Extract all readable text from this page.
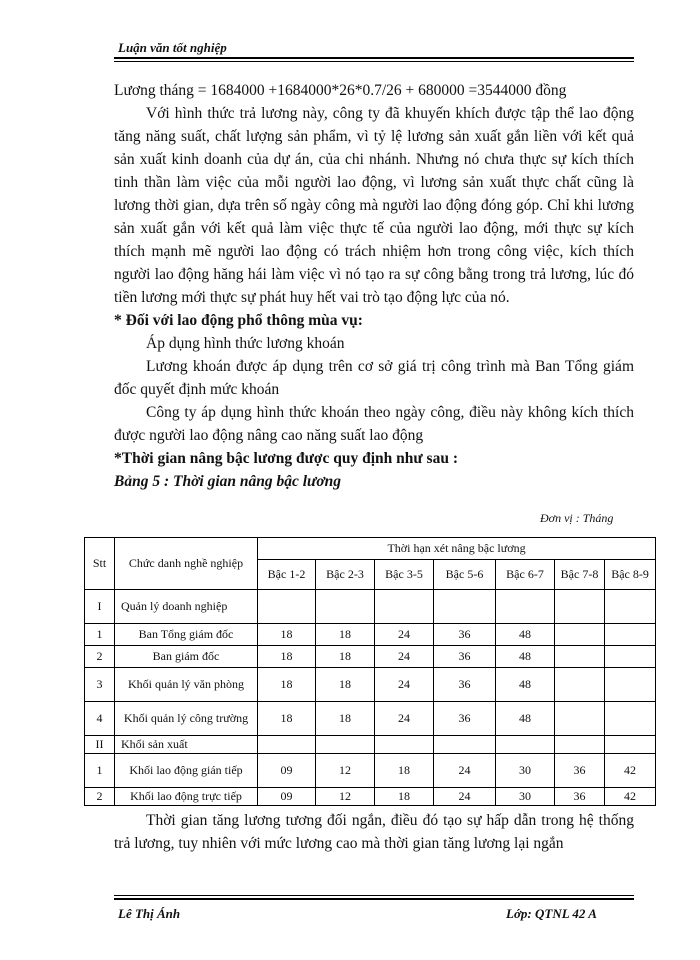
Luận văn tốt nghiệp

Lương tháng = 1684000 +1684000*26*0.7/26 + 680000 =3544000 đồng

Với hình thức trả lương này, công ty đã khuyến khích được tập thể lao động tăng năng suất, chất lượng sản phẩm, vì tỷ lệ lương sản xuất gắn liền với kết quả sản xuất kinh doanh của dự án, của chi nhánh. Nhưng nó chưa thực sự kích thích tinh thần làm việc của mỗi người lao động, vì lương sản xuất thực chất cũng là lương thời gian, dựa trên số ngày công mà người lao động đóng góp. Chỉ khi lương sản xuất gắn với kết quả làm việc thực tế của người lao động, mới thực sự kích thích mạnh mẽ người lao động có trách nhiệm hơn trong công việc, kích thích người lao động hăng hái làm việc vì nó tạo ra sự công bằng trong trả lương, lúc đó tiền lương mới thực sự phát huy hết vai trò tạo động lực của nó.

* Đối với lao động phổ thông mùa vụ:

Áp dụng hình thức lương khoán

Lương khoán được áp dụng trên cơ sở giá trị công trình mà Ban Tổng giám đốc quyết định mức khoán

Công ty áp dụng hình thức khoán theo ngày công, điều này không kích thích được người lao động nâng cao năng suất lao động

*Thời gian nâng bậc lương được quy định như sau :

Bảng 5 : Thời gian nâng bậc lương

Đơn vị : Tháng
Stt	Chức danh nghề nghiệp	Thời hạn xét nâng bậc lương						
		Bậc 1-2	Bậc 2-3	Bậc 3-5	Bậc 5-6	Bậc 6-7	Bậc 7-8	Bậc 8-9
I	Quản lý doanh nghiệp							
1	Ban Tổng giám đốc	18	18	24	36	48		
2	Ban giám đốc	18	18	24	36	48		
3	Khối quản lý văn phòng	18	18	24	36	48		
4	Khối quản lý công trường	18	18	24	36	48		
II	Khối sản xuất							
1	Khối lao động gián tiếp	09	12	18	24	30	36	42
2	Khối lao động trực tiếp	09	12	18	24	30	36	42

Thời gian tăng lương tương đối ngắn, điều đó tạo sự hấp dẫn trong hệ thống trả lương, tuy nhiên với mức lương cao mà thời gian tăng lương lại ngắn

Lê Thị Ánh	Lớp: QTNL 42 A
